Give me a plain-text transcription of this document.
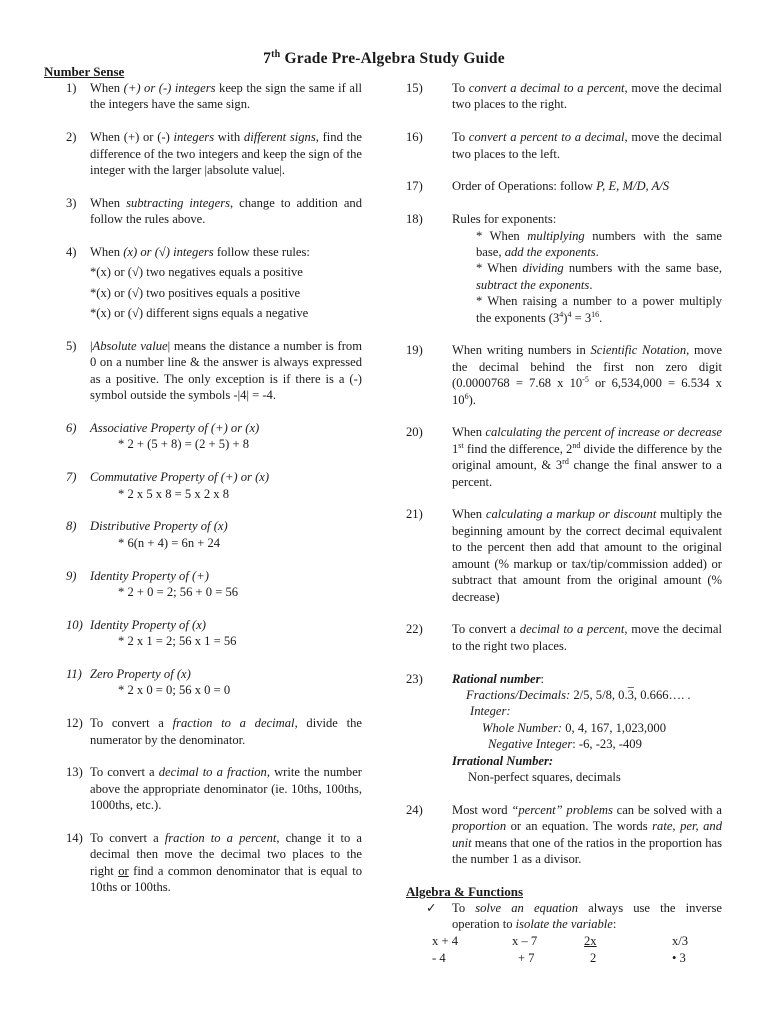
7th Grade Pre-Algebra Study Guide
Number Sense
1)	When (+) or (-) integers keep the sign the same if all the integers have the same sign.
2)	When (+) or (-) integers with different signs, find the difference of the two integers and keep the sign of the integer with the larger |absolute value|.
3)	When subtracting integers, change to addition and follow the rules above.
4)	When (x) or (√) integers follow these rules:
*(x) or (√) two negatives equals a positive
*(x) or (√) two positives equals a positive
*(x) or (√) different signs equals a negative
5)	|Absolute value| means the distance a number is from 0 on a number line & the answer is always expressed as a positive. The only exception is if there is a (-) symbol outside the symbols -|4| = -4.
6)	Associative Property of (+) or (x)
* 2 + (5 + 8) = (2 + 5) + 8
7)	Commutative Property of (+) or (x)
* 2 x 5 x 8 = 5 x 2 x 8
8)	Distributive Property of (x)
* 6(n + 4) = 6n + 24
9)	Identity Property of (+)
* 2 + 0 = 2; 56 + 0 = 56
10) Identity Property of (x)
* 2 x 1 = 2; 56 x 1 = 56
11) Zero Property of (x)
* 2 x 0 = 0; 56 x 0 = 0
12) To convert a fraction to a decimal, divide the numerator by the denominator.
13) To convert a decimal to a fraction, write the number above the appropriate denominator (ie. 10ths, 100ths, 1000ths, etc.).
14) To convert a fraction to a percent, change it to a decimal then move the decimal two places to the right or find a common denominator that is equal to 10ths or 100ths.
15)	To convert a decimal to a percent, move the decimal two places to the right.
16)	To convert a percent to a decimal, move the decimal two places to the left.
17)	Order of Operations: follow P, E, M/D, A/S
18)	Rules for exponents:
* When multiplying numbers with the same base, add the exponents.
* When dividing numbers with the same base, subtract the exponents.
* When raising a number to a power multiply the exponents $(3^4)^4 = 3^{16}$.
19)	When writing numbers in Scientific Notation, move the decimal behind the first non zero digit (0.0000768 = 7.68 x $10^{-5}$ or 6,534,000 = 6.534 x $10^6$).
20)	When calculating the percent of increase or decrease 1st find the difference, 2nd divide the difference by the original amount, & 3rd change the final answer to a percent.
21)	When calculating a markup or discount multiply the beginning amount by the correct decimal equivalent to the percent then add that amount to the original amount (% markup or tax/tip/commission added) or subtract that amount from the original amount (% decrease)
22)	To convert a decimal to a percent, move the decimal to the right two places.
23)	Rational number:
Fractions/Decimals: 2/5, 5/8, 0.3, 0.666…. .
Integer:
Whole Number: 0, 4, 167, 1,023,000
Negative Integer: -6, -23, -409
Irrational Number:
Non-perfect squares, decimals
24)	Most word “percent” problems can be solved with a proportion or an equation. The words rate, per, and unit means that one of the ratios in the proportion has the number 1 as a divisor.
Algebra & Functions
✓	To solve an equation always use the inverse operation to isolate the variable:
x + 4	x – 7	2x	x/3
- 4	+ 7	2	• 3
